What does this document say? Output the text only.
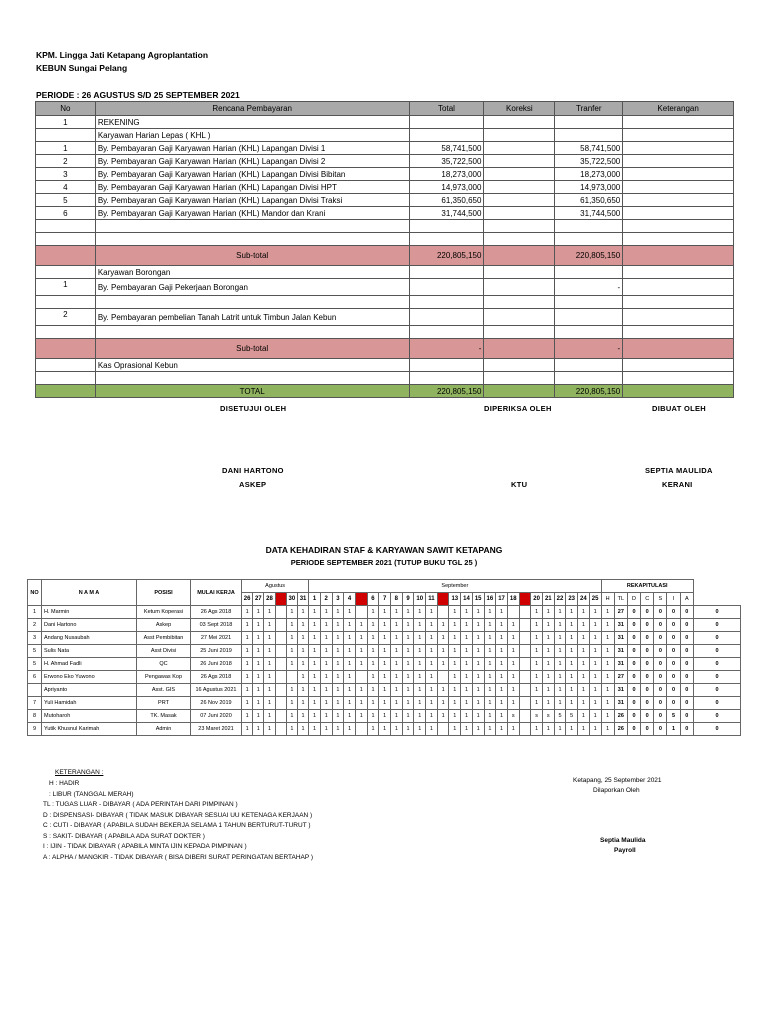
KPM. Lingga Jati Ketapang Agroplantation
KEBUN Sungai Pelang
PERIODE : 26 AGUSTUS S/D 25 SEPTEMBER 2021
No	Rencana Pembayaran	Total	Koreksi	Tranfer	Keterangan
1	REKENING				
	Karyawan Harian Lepas ( KHL )				
1	By. Pembayaran Gaji Karyawan Harian (KHL) Lapangan Divisi 1	58,741,500		58,741,500	
2	By. Pembayaran Gaji Karyawan Harian (KHL) Lapangan Divisi 2	35,722,500		35,722,500	
3	By. Pembayaran Gaji Karyawan Harian (KHL) Lapangan Divisi Bibitan	18,273,000		18,273,000	
4	By. Pembayaran Gaji Karyawan Harian (KHL) Lapangan Divisi HPT	14,973,000		14,973,000	
5	By. Pembayaran Gaji Karyawan Harian (KHL) Lapangan Divisi Traksi	61,350,650		61,350,650	
6	By. Pembayaran Gaji Karyawan Harian (KHL) Mandor dan Krani	31,744,500		31,744,500	

	Sub-total	220,805,150		220,805,150	
	Karyawan Borongan				
1	By. Pembayaran Gaji Pekerjaan Borongan			-	

2	By. Pembayaran pembelian Tanah Latrit untuk Timbun Jalan Kebun				

	Sub-total	-		-	
	Kas Oprasional Kebun				

	TOTAL	220,805,150		220,805,150	
DISETUJUI OLEH	DIPERIKSA OLEH	DIBUAT OLEH
DANI HARTONO
ASKEP	KTU
SEPTIA MAULIDA
KERANI
DATA KEHADIRAN STAF & KARYAWAN SAWIT KETAPANG
PERIODE SEPTEMBER 2021 (TUTUP BUKU TGL 25 )
NO	N A M A	POSISI	MULAI KERJA	Agustus						September																									REKAPITULASI							
				26	27	28	29	30	31	1	2	3	4	5	6	7	8	9	10	11	12	13	14	15	16	17	18	19	20	21	22	23	24	25	H	TL	D	C	S	I	A	
1	H. Marmin	Ketum Koperasi	26 Ags 2018	1	1	1		1	1	1	1	1	1		1	1	1	1	1	1		1	1	1	1	1			1	1	1	1	1	1	1	27	0	0	0	0	0	0
2	Dani Hartono	Askep	03 Sept 2018	1	1	1		1	1	1	1	1	1	1	1	1	1	1	1	1	1	1	1	1	1	1	1		1	1	1	1	1	1	1	31	0	0	0	0	0	0
3	Andang Nusaubah	Asst Pembibitan	27 Mei 2021	1	1	1		1	1	1	1	1	1	1	1	1	1	1	1	1	1	1	1	1	1	1	1		1	1	1	1	1	1	1	31	0	0	0	0	0	0
5	Sulis Nata	Asst Divisi	25 Juni 2019	1	1	1		1	1	1	1	1	1	1	1	1	1	1	1	1	1	1	1	1	1	1	1		1	1	1	1	1	1	1	31	0	0	0	0	0	0
5	H. Ahmad Fadli	QC	26 Juni 2018	1	1	1		1	1	1	1	1	1	1	1	1	1	1	1	1	1	1	1	1	1	1	1		1	1	1	1	1	1	1	31	0	0	0	0	0	0
6	Erwono Eko Yuwono	Pengawas Kop	26 Ags 2018	1	1	1			1	1	1	1	1		1	1	1	1	1	1		1	1	1	1	1	1		1	1	1	1	1	1	1	27	0	0	0	0	0	0
	Apriyanto	Asst. GIS	16 Agustus 2021	1	1	1		1	1	1	1	1	1	1	1	1	1	1	1	1	1	1	1	1	1	1	1		1	1	1	1	1	1	1	31	0	0	0	0	0	0
7	Yuli Hamidah	PRT	26 Nov 2019	1	1	1		1	1	1	1	1	1	1	1	1	1	1	1	1	1	1	1	1	1	1	1		1	1	1	1	1	1	1	31	0	0	0	0	0	0
8	Mutoharoh	TK. Masak	07 Juni 2020	1	1	1		1	1	1	1	1	1	1	1	1	1	1	1	1	1	1	1	1	1	1	s		s	s	5	5	1	1	1	26	0	0	0	5	0	0
9	Yutik Khusnul Karimah	Admin	23 Maret 2021	1	1	1		1	1	1	1	1	1		1	1	1	1	1	1		1	1	1	1	1	1		1	1	1	1	1	1	1	26	0	0	0	1	0	0
KETERANGAN :
H : HADIR
: LIBUR (TANGGAL MERAH)
TL : TUGAS LUAR - DIBAYAR ( ADA PERINTAH DARI PIMPINAN )
D : DISPENSASI- DIBAYAR ( TIDAK MASUK DIBAYAR SESUAI UU KETENAGA KERJAAN )
C : CUTI - DIBAYAR ( APABILA SUDAH BEKERJA SELAMA 1 TAHUN BERTURUT-TURUT )
S : SAKIT- DIBAYAR ( APABILA ADA SURAT DOKTER )
I : IJIN - TIDAK DIBAYAR ( APABILA MINTA IJIN KEPADA PIMPINAN )
A : ALPHA / MANGKIR - TIDAK DIBAYAR ( BISA DIBERI SURAT PERINGATAN BERTAHAP )
Ketapang, 25 September 2021
Dilaporkan Oleh
Septia Maulida
Payroll
